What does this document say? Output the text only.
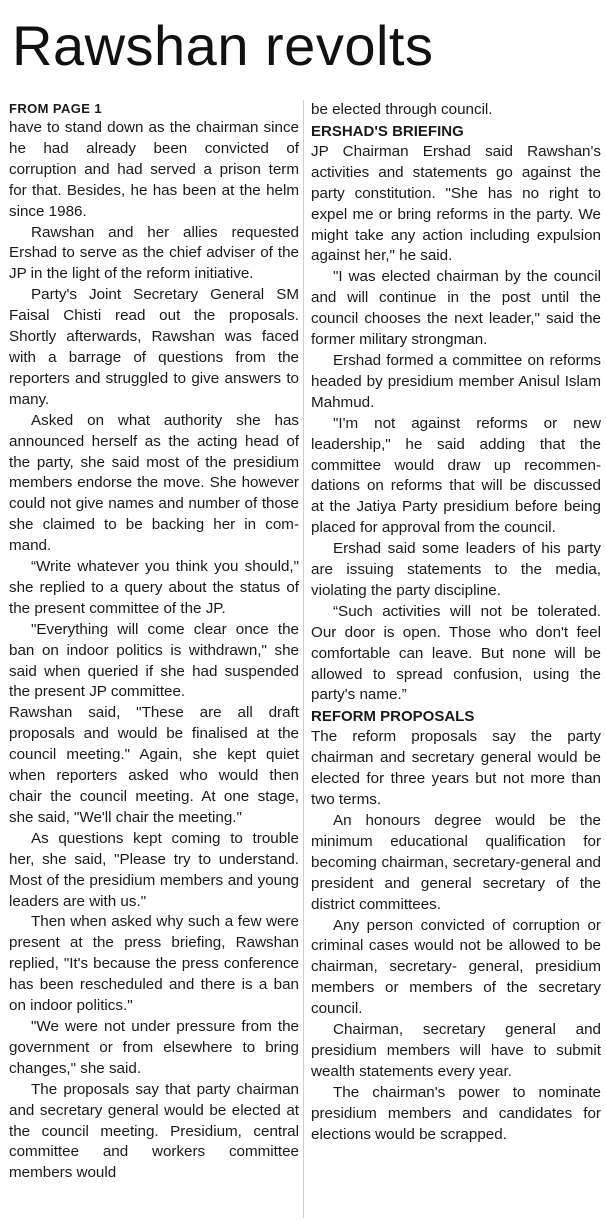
Rawshan revolts
FROM PAGE 1

have to stand down as the chairman since he had already been convicted of corruption and had served a prison term for that. Besides, he has been at the helm since 1986.

Rawshan and her allies requested Ershad to serve as the chief adviser of the JP in the light of the reform initiative.

Party's Joint Secretary General SM Faisal Chisti read out the proposals. Shortly afterwards, Rawshan was faced with a barrage of questions from the reporters and struggled to give answers to many.

Asked on what authority she has announced herself as the acting head of the party, she said most of the presidium members endorse the move. She however could not give names and number of those she claimed to be backing her in command.

“Write whatever you think you should," she replied to a query about the status of the present committee of the JP.

"Everything will come clear once the ban on indoor politics is withdrawn," she said when queried if she had suspended the present JP committee.

Rawshan said, "These are all draft proposals and would be finalised at the council meeting." Again, she kept quiet when reporters asked who would then chair the council meeting. At one stage, she said, "We'll chair the meeting."

As questions kept coming to trouble her, she said, "Please try to understand. Most of the presidium members and young leaders are with us."

Then when asked why such a few were present at the press briefing, Rawshan replied, "It's because the press conference has been rescheduled and there is a ban on indoor politics."

"We were not under pressure from the government or from elsewhere to bring changes," she said.

The proposals say that party chairman and secretary general would be elected at the council meeting. Presidium, central committee and workers committee members would

be elected through council.

ERSHAD'S BRIEFING

JP Chairman Ershad said Rawshan's activities and statements go against the party constitution. "She has no right to expel me or bring reforms in the party. We might take any action including expulsion against her," he said.

"I was elected chairman by the council and will continue in the post until the council chooses the next leader," said the former military strongman.

Ershad formed a committee on reforms headed by presidium member Anisul Islam Mahmud.

"I'm not against reforms or new leadership," he said adding that the committee would draw up recommendations on reforms that will be discussed at the Jatiya Party presidium before being placed for approval from the council.

Ershad said some leaders of his party are issuing statements to the media, violating the party discipline.

“Such activities will not be tolerated. Our door is open. Those who don't feel comfortable can leave. But none will be allowed to spread confusion, using the party's name.”

REFORM PROPOSALS

The reform proposals say the party chairman and secretary general would be elected for three years but not more than two terms.

An honours degree would be the minimum educational qualification for becoming chairman, secretary-general and president and general secretary of the district committees.

Any person convicted of corruption or criminal cases would not be allowed to be chairman, secretary- general, presidium members or members of the secretary council.

Chairman, secretary general and presidium members will have to submit wealth statements every year.

The chairman's power to nominate presidium members and candidates for elections would be scrapped.
